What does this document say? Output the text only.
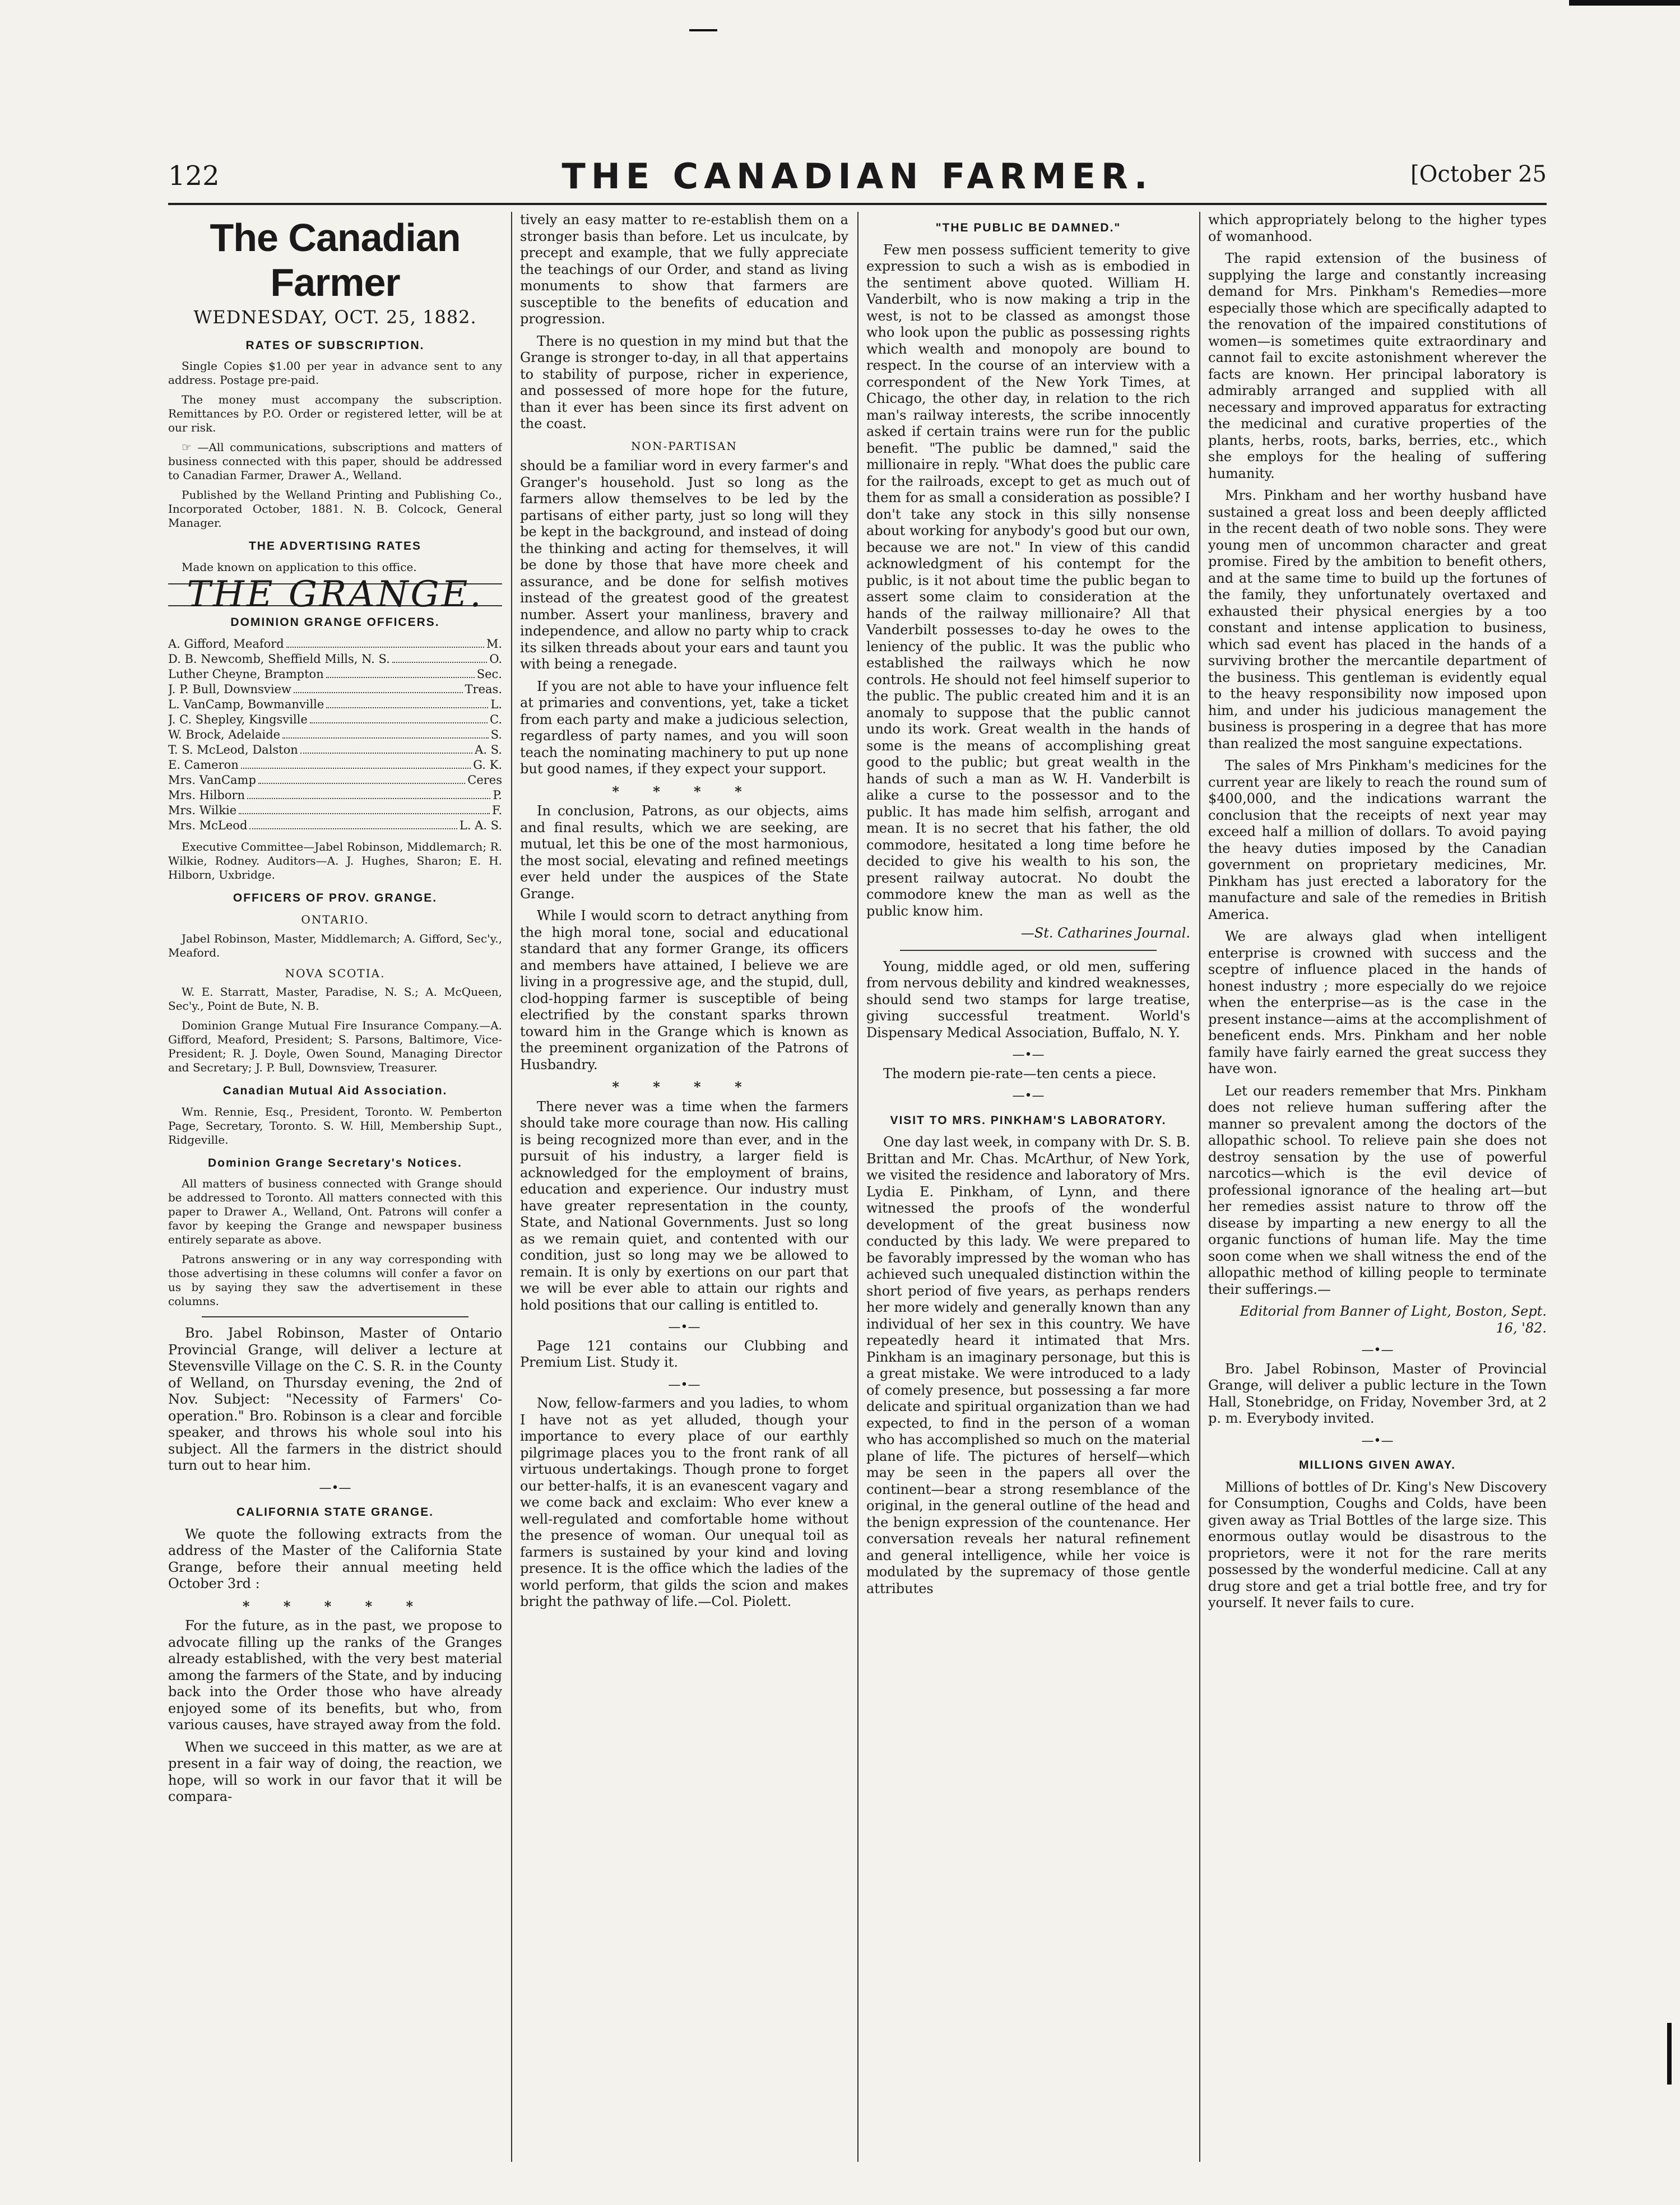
122	THE CANADIAN FARMER.	[October 25
The Canadian Farmer
WEDNESDAY, OCT. 25, 1882.
RATES OF SUBSCRIPTION.

Single Copies $1.00 per year in advance sent to any address. Postage pre-paid.

The money must accompany the subscription. Remittances by P.O. Order or registered letter, will be at our risk.

☞ —All communications, subscriptions and matters of business connected with this paper, should be addressed to Canadian Farmer, Drawer A., Welland.

Published by the Welland Printing and Publishing Co., Incorporated October, 1881. N. B. Colcock, General Manager.

THE ADVERTISING RATES

Made known on application to this office.

THE GRANGE.
DOMINION GRANGE OFFICERS.
A. Gifford, Meaford	M.
D. B. Newcomb, Sheffield Mills, N. S.	O.
Luther Cheyne, Brampton	Sec.
J. P. Bull, Downsview	Treas.
L. VanCamp, Bowmanville	L.
J. C. Shepley, Kingsville	C.
W. Brock, Adelaide	S.
T. S. McLeod, Dalston	A. S.
E. Cameron	G. K.
Mrs. VanCamp	Ceres
Mrs. Hilborn	P.
Mrs. Wilkie	F.
Mrs. McLeod	L. A. S.

Executive Committee—Jabel Robinson, Middlemarch; R. Wilkie, Rodney. Auditors—A. J. Hughes, Sharon; E. H. Hilborn, Uxbridge.

OFFICERS OF PROV. GRANGE.
ONTARIO.

Jabel Robinson, Master, Middlemarch; A. Gifford, Sec'y., Meaford.

NOVA SCOTIA.

W. E. Starratt, Master, Paradise, N. S.; A. McQueen, Sec'y., Point de Bute, N. B.

Dominion Grange Mutual Fire Insurance Company.—A. Gifford, Meaford, President; S. Parsons, Baltimore, Vice-President; R. J. Doyle, Owen Sound, Managing Director and Secretary; J. P. Bull, Downsview, Treasurer.

Canadian Mutual Aid Association.

Wm. Rennie, Esq., President, Toronto. W. Pemberton Page, Secretary, Toronto. S. W. Hill, Membership Supt., Ridgeville.

Dominion Grange Secretary's Notices.

All matters of business connected with Grange should be addressed to Toronto. All matters connected with this paper to Drawer A., Welland, Ont. Patrons will confer a favor by keeping the Grange and newspaper business entirely separate as above.

Patrons answering or in any way corresponding with those advertising in these columns will confer a favor on us by saying they saw the advertisement in these columns.

Bro. Jabel Robinson, Master of Ontario Provincial Grange, will deliver a lecture at Stevensville Village on the C. S. R. in the County of Welland, on Thursday evening, the 2nd of Nov. Subject: "Necessity of Farmers' Co-operation." Bro. Robinson is a clear and forcible speaker, and throws his whole soul into his subject. All the farmers in the district should turn out to hear him.

—•—
CALIFORNIA STATE GRANGE.

We quote the following extracts from the address of the Master of the California State Grange, before their annual meeting held October 3rd :

* * * * *

For the future, as in the past, we propose to advocate filling up the ranks of the Granges already established, with the very best material among the farmers of the State, and by inducing back into the Order those who have already enjoyed some of its benefits, but who, from various causes, have strayed away from the fold.

When we succeed in this matter, as we are at present in a fair way of doing, the reaction, we hope, will so work in our favor that it will be compara-

tively an easy matter to re-establish them on a stronger basis than before. Let us inculcate, by precept and example, that we fully appreciate the teachings of our Order, and stand as living monuments to show that farmers are susceptible to the benefits of education and progression.

There is no question in my mind but that the Grange is stronger to-day, in all that appertains to stability of purpose, richer in experience, and possessed of more hope for the future, than it ever has been since its first advent on the coast.

NON-PARTISAN

should be a familiar word in every farmer's and Granger's household. Just so long as the farmers allow themselves to be led by the partisans of either party, just so long will they be kept in the background, and instead of doing the thinking and acting for themselves, it will be done by those that have more cheek and assurance, and be done for selfish motives instead of the greatest good of the greatest number. Assert your manliness, bravery and independence, and allow no party whip to crack its silken threads about your ears and taunt you with being a renegade.

If you are not able to have your influence felt at primaries and conventions, yet, take a ticket from each party and make a judicious selection, regardless of party names, and you will soon teach the nominating machinery to put up none but good names, if they expect your support.

* * * *

In conclusion, Patrons, as our objects, aims and final results, which we are seeking, are mutual, let this be one of the most harmonious, the most social, elevating and refined meetings ever held under the auspices of the State Grange.

While I would scorn to detract anything from the high moral tone, social and educational standard that any former Grange, its officers and members have attained, I believe we are living in a progressive age, and the stupid, dull, clod-hopping farmer is susceptible of being electrified by the constant sparks thrown toward him in the Grange which is known as the preeminent organization of the Patrons of Husbandry.

* * * *

There never was a time when the farmers should take more courage than now. His calling is being recognized more than ever, and in the pursuit of his industry, a larger field is acknowledged for the employment of brains, education and experience. Our industry must have greater representation in the county, State, and National Governments. Just so long as we remain quiet, and contented with our condition, just so long may we be allowed to remain. It is only by exertions on our part that we will be ever able to attain our rights and hold positions that our calling is entitled to.

—•—

Page 121 contains our Clubbing and Premium List. Study it.

—•—

Now, fellow-farmers and you ladies, to whom I have not as yet alluded, though your importance to every place of our earthly pilgrimage places you to the front rank of all virtuous undertakings. Though prone to forget our better-halfs, it is an evanescent vagary and we come back and exclaim: Who ever knew a well-regulated and comfortable home without the presence of woman. Our unequal toil as farmers is sustained by your kind and loving presence. It is the office which the ladies of the world perform, that gilds the scion and makes bright the pathway of life.—Col. Piolett.

"THE PUBLIC BE DAMNED."

Few men possess sufficient temerity to give expression to such a wish as is embodied in the sentiment above quoted. William H. Vanderbilt, who is now making a trip in the west, is not to be classed as amongst those who look upon the public as possessing rights which wealth and monopoly are bound to respect. In the course of an interview with a correspondent of the New York Times, at Chicago, the other day, in relation to the rich man's railway interests, the scribe innocently asked if certain trains were run for the public benefit. "The public be damned," said the millionaire in reply. "What does the public care for the railroads, except to get as much out of them for as small a consideration as possible? I don't take any stock in this silly nonsense about working for anybody's good but our own, because we are not." In view of this candid acknowledgment of his contempt for the public, is it not about time the public began to assert some claim to consideration at the hands of the railway millionaire? All that Vanderbilt possesses to-day he owes to the leniency of the public. It was the public who established the railways which he now controls. He should not feel himself superior to the public. The public created him and it is an anomaly to suppose that the public cannot undo its work. Great wealth in the hands of some is the means of accomplishing great good to the public; but great wealth in the hands of such a man as W. H. Vanderbilt is alike a curse to the possessor and to the public. It has made him selfish, arrogant and mean. It is no secret that his father, the old commodore, hesitated a long time before he decided to give his wealth to his son, the present railway autocrat. No doubt the commodore knew the man as well as the public know him.

—St. Catharines Journal.

Young, middle aged, or old men, suffering from nervous debility and kindred weaknesses, should send two stamps for large treatise, giving successful treatment. World's Dispensary Medical Association, Buffalo, N. Y.

—•—

The modern pie-rate—ten cents a piece.

—•—
VISIT TO MRS. PINKHAM'S LABORATORY.

One day last week, in company with Dr. S. B. Brittan and Mr. Chas. McArthur, of New York, we visited the residence and laboratory of Mrs. Lydia E. Pinkham, of Lynn, and there witnessed the proofs of the wonderful development of the great business now conducted by this lady. We were prepared to be favorably impressed by the woman who has achieved such unequaled distinction within the short period of five years, as perhaps renders her more widely and generally known than any individual of her sex in this country. We have repeatedly heard it intimated that Mrs. Pinkham is an imaginary personage, but this is a great mistake. We were introduced to a lady of comely presence, but possessing a far more delicate and spiritual organization than we had expected, to find in the person of a woman who has accomplished so much on the material plane of life. The pictures of herself—which may be seen in the papers all over the continent—bear a strong resemblance of the original, in the general outline of the head and the benign expression of the countenance. Her conversation reveals her natural refinement and general intelligence, while her voice is modulated by the supremacy of those gentle attributes

which appropriately belong to the higher types of womanhood.

The rapid extension of the business of supplying the large and constantly increasing demand for Mrs. Pinkham's Remedies—more especially those which are specifically adapted to the renovation of the impaired constitutions of women—is sometimes quite extraordinary and cannot fail to excite astonishment wherever the facts are known. Her principal laboratory is admirably arranged and supplied with all necessary and improved apparatus for extracting the medicinal and curative properties of the plants, herbs, roots, barks, berries, etc., which she employs for the healing of suffering humanity.

Mrs. Pinkham and her worthy husband have sustained a great loss and been deeply afflicted in the recent death of two noble sons. They were young men of uncommon character and great promise. Fired by the ambition to benefit others, and at the same time to build up the fortunes of the family, they unfortunately overtaxed and exhausted their physical energies by a too constant and intense application to business, which sad event has placed in the hands of a surviving brother the mercantile department of the business. This gentleman is evidently equal to the heavy responsibility now imposed upon him, and under his judicious management the business is prospering in a degree that has more than realized the most sanguine expectations.

The sales of Mrs Pinkham's medicines for the current year are likely to reach the round sum of $400,000, and the indications warrant the conclusion that the receipts of next year may exceed half a million of dollars. To avoid paying the heavy duties imposed by the Canadian government on proprietary medicines, Mr. Pinkham has just erected a laboratory for the manufacture and sale of the remedies in British America.

We are always glad when intelligent enterprise is crowned with success and the sceptre of influence placed in the hands of honest industry ; more especially do we rejoice when the enterprise—as is the case in the present instance—aims at the accomplishment of beneficent ends. Mrs. Pinkham and her noble family have fairly earned the great success they have won.

Let our readers remember that Mrs. Pinkham does not relieve human suffering after the manner so prevalent among the doctors of the allopathic school. To relieve pain she does not destroy sensation by the use of powerful narcotics—which is the evil device of professional ignorance of the healing art—but her remedies assist nature to throw off the disease by imparting a new energy to all the organic functions of human life. May the time soon come when we shall witness the end of the allopathic method of killing people to terminate their sufferings.—

Editorial from Banner of Light, Boston, Sept. 16, '82.

—•—

Bro. Jabel Robinson, Master of Provincial Grange, will deliver a public lecture in the Town Hall, Stonebridge, on Friday, November 3rd, at 2 p. m. Everybody invited.

—•—
MILLIONS GIVEN AWAY.

Millions of bottles of Dr. King's New Discovery for Consumption, Coughs and Colds, have been given away as Trial Bottles of the large size. This enormous outlay would be disastrous to the proprietors, were it not for the rare merits possessed by the wonderful medicine. Call at any drug store and get a trial bottle free, and try for yourself. It never fails to cure.
